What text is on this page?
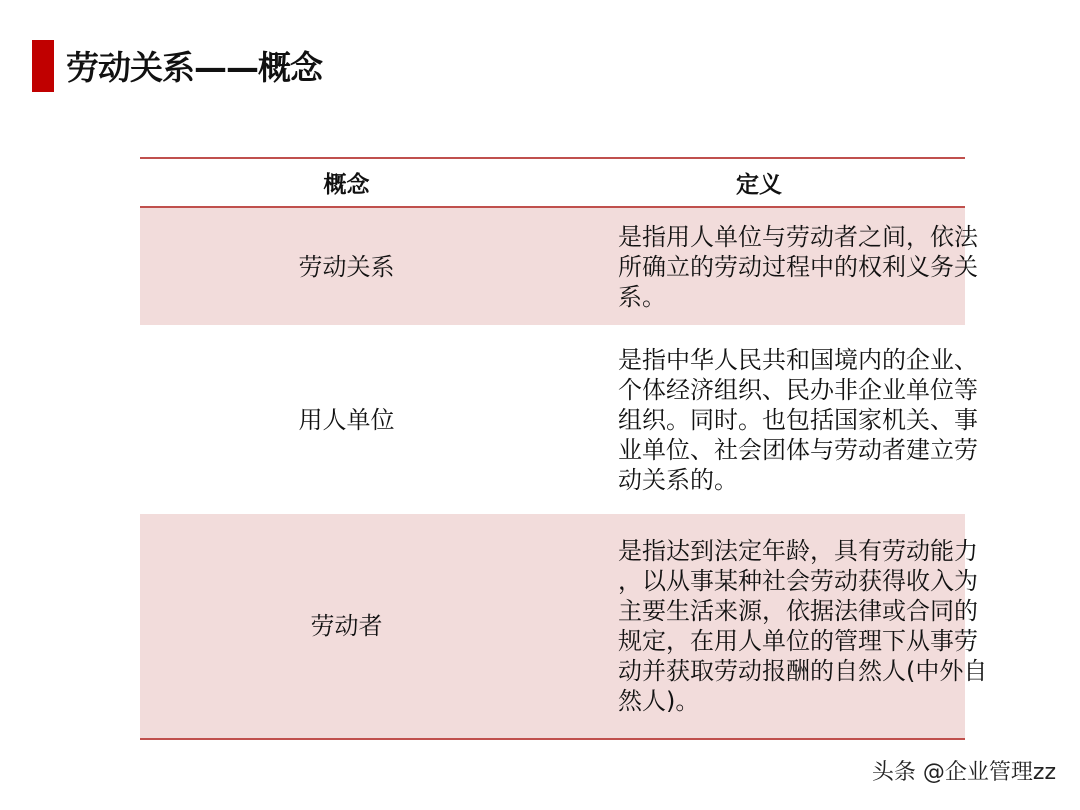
劳动关系——概念
概念	定义
劳动关系	是指用人单位与劳动者之间，依法所确立的劳动过程中的权利义务关系。

用人单位	是指中华人民共和国境内的企业、个体经济组织、民办非企业单位等组织。同时。也包括国家机关、事业单位、社会团体与劳动者建立劳动关系的。

劳动者	是指达到法定年龄，具有劳动能力，以从事某种社会劳动获得收入为主要生活来源，依据法律或合同的规定，在用人单位的管理下从事劳动并获取劳动报酬的自然人(中外自然人)。
头条 @企业管理zz
